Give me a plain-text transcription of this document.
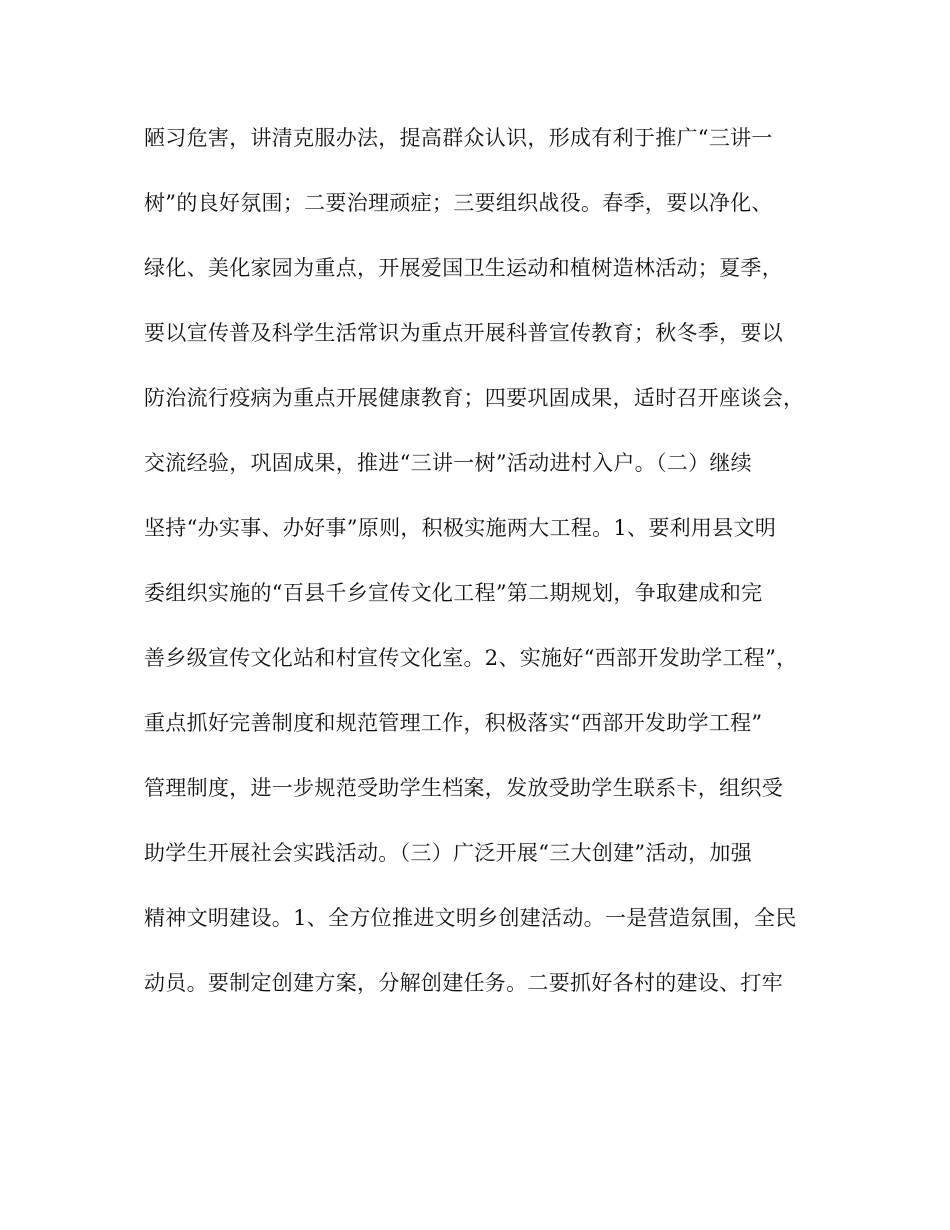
陋习危害，讲清克服办法，提高群众认识，形成有利于推广“三讲一
树”的良好氛围；二要治理顽症；三要组织战役。春季，要以净化、
绿化、美化家园为重点，开展爱国卫生运动和植树造林活动；夏季，
要以宣传普及科学生活常识为重点开展科普宣传教育；秋冬季，要以
防治流行疫病为重点开展健康教育；四要巩固成果，适时召开座谈会，
交流经验，巩固成果，推进“三讲一树”活动进村入户。（二）继续
坚持“办实事、办好事”原则，积极实施两大工程。1、要利用县文明
委组织实施的“百县千乡宣传文化工程”第二期规划，争取建成和完
善乡级宣传文化站和村宣传文化室。2、实施好“西部开发助学工程”，
重点抓好完善制度和规范管理工作，积极落实“西部开发助学工程”
管理制度，进一步规范受助学生档案，发放受助学生联系卡，组织受
助学生开展社会实践活动。（三）广泛开展“三大创建”活动，加强
精神文明建设。1、全方位推进文明乡创建活动。一是营造氛围，全民
动员。要制定创建方案，分解创建任务。二要抓好各村的建设、打牢
